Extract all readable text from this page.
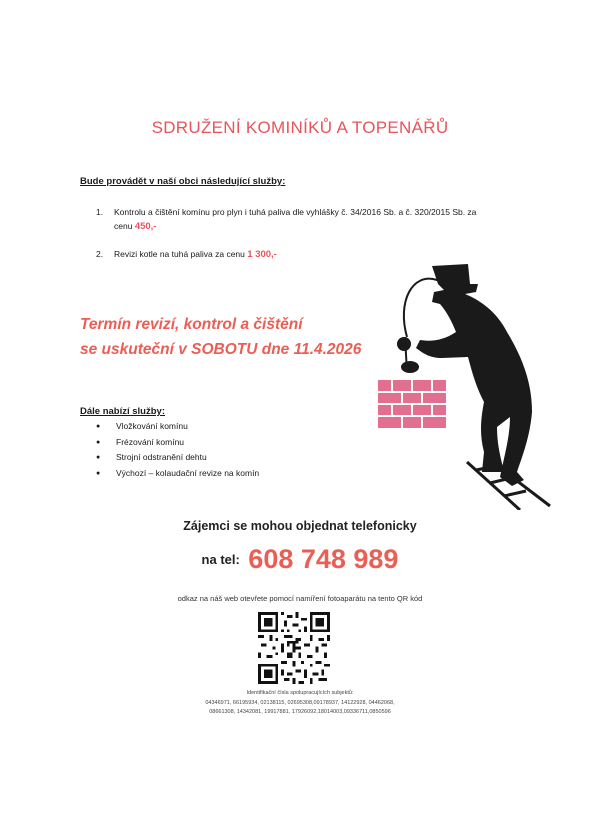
SDRUŽENÍ KOMINÍKŮ A TOPENÁŘŮ
Bude provádět v naší obci následující služby:
1.	Kontrolu a čištění komínu pro plyn i tuhá paliva dle vyhlášky č. 34/2016 Sb. a č. 320/2015 Sb. za cenu 450,-
2.	Revizi kotle na tuhá paliva za cenu 1 300,-
Termín revizí, kontrol a čištění
se uskuteční v SOBOTU dne 11.4.2026
Dále nabízí služby:
●	Vložkování komínu
●	Frézování komínu
●	Strojní odstranění dehtu
●	Výchozí – kolaudační revize na komín
Zájemci se mohou objednat telefonicky
na tel: 608 748 989
odkaz na náš web otevřete pomocí namíření fotoaparátu na tento QR kód
Identifikační čísla spolupracujících subjektů:
04346971, 66195934, 02138115, 02695308,09178937, 14122928, 04462068,
08661308, 14342081, 19917881, 17926092,18014003,09336711,0850596
